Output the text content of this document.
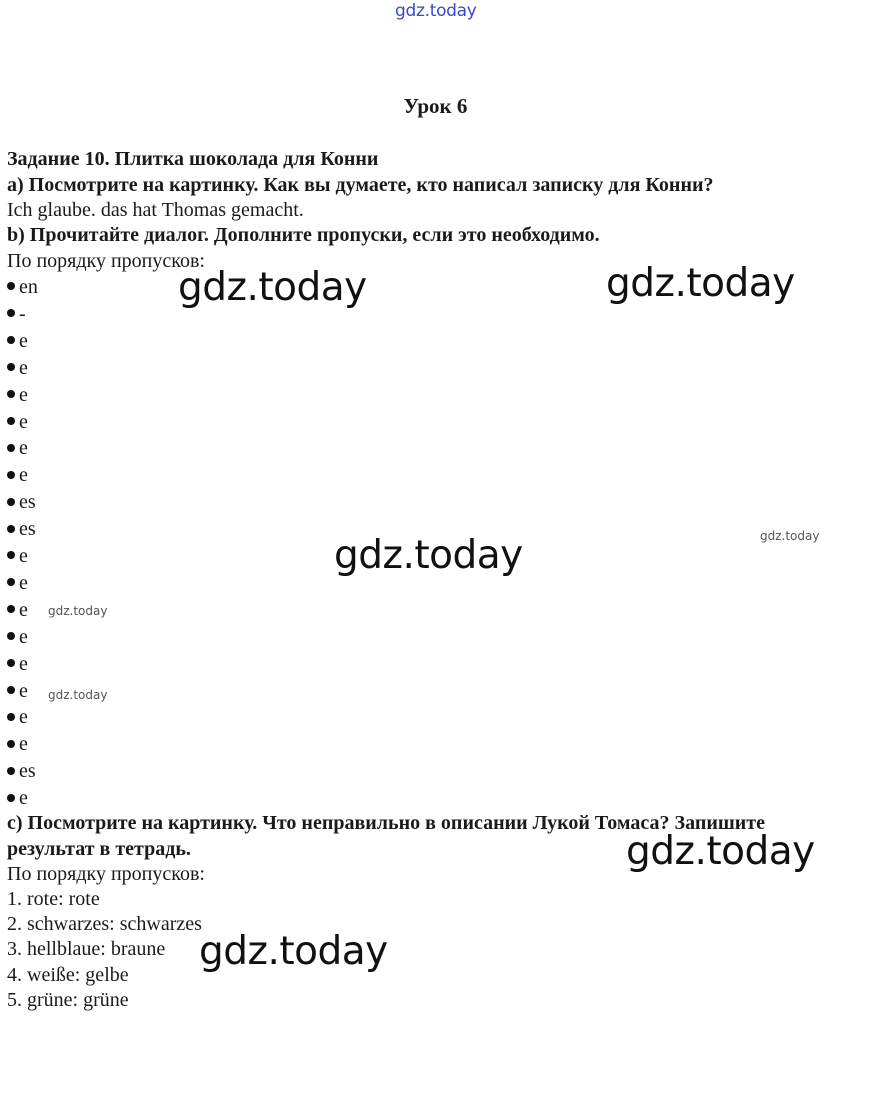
gdz.today
Урок 6
Задание 10. Плитка шоколада для Конни
a) Посмотрите на картинку. Как вы думаете, кто написал записку для Конни?
Ich glaube. das hat Thomas gemacht.
b) Прочитайте диалог. Дополните пропуски, если это необходимо.
По порядку пропусков:
en
-
e
e
e
e
e
e
es
es
e
e
e
e
e
e
e
e
es
e
c) Посмотрите на картинку. Что неправильно в описании Лукой Томаса? Запишите
результат в тетрадь.
По порядку пропусков:
1. rote: rote
2. schwarzes: schwarzes
3. hellblaue: braune
4. weiße: gelbe
5. grüne: grüne
gdz.today	gdz.today
gdz.today
gdz.today
gdz.today
gdz.today
gdz.today
gdz.today
